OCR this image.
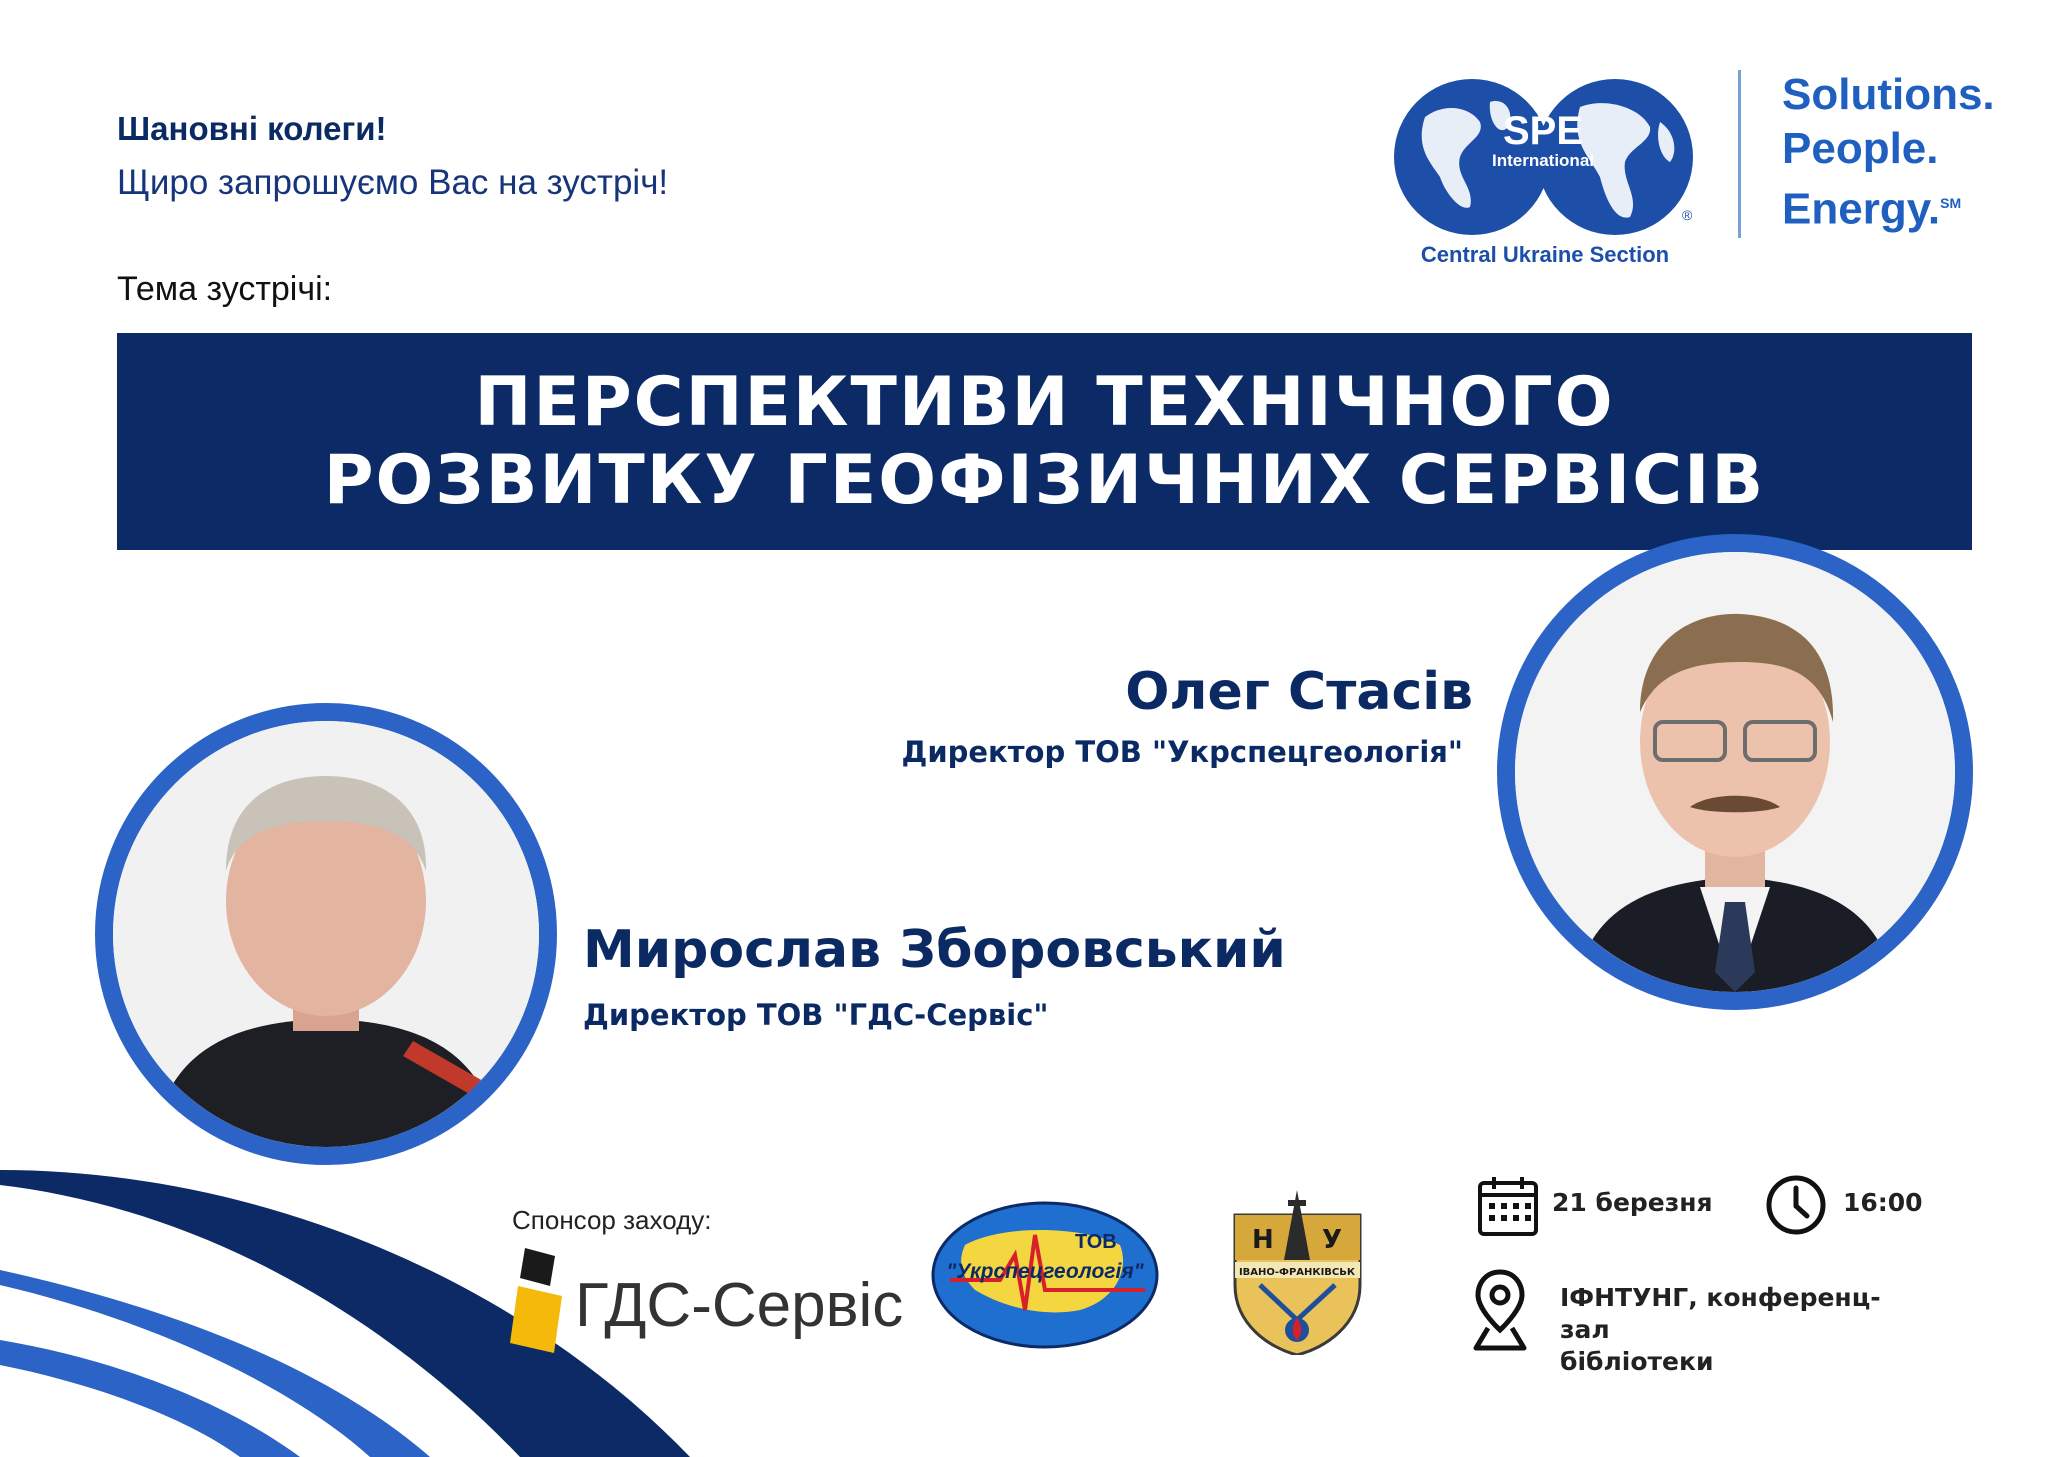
Шановні колеги!
Щиро запрошуємо Вас на зустріч!
Тема зустрічі:
SPE
International
®
Central Ukraine Section
Solutions.
People.
Energy.℠
ПЕРСПЕКТИВИ ТЕХНІЧНОГО
РОЗВИТКУ ГЕОФІЗИЧНИХ СЕРВІСІВ
Олег Стасів
Директор ТОВ "Укрспецгеологія"
Мирослав Зборовський
Директор ТОВ "ГДС-Сервіс"
Спонсор заходу:
ГДС-Сервіс
ТОВ
"Укрспецгеологія"
Н У
ІВАНО-ФРАНКІВСЬК
21 березня	16:00
ІФНТУНГ, конференц-зал
бібліотеки
